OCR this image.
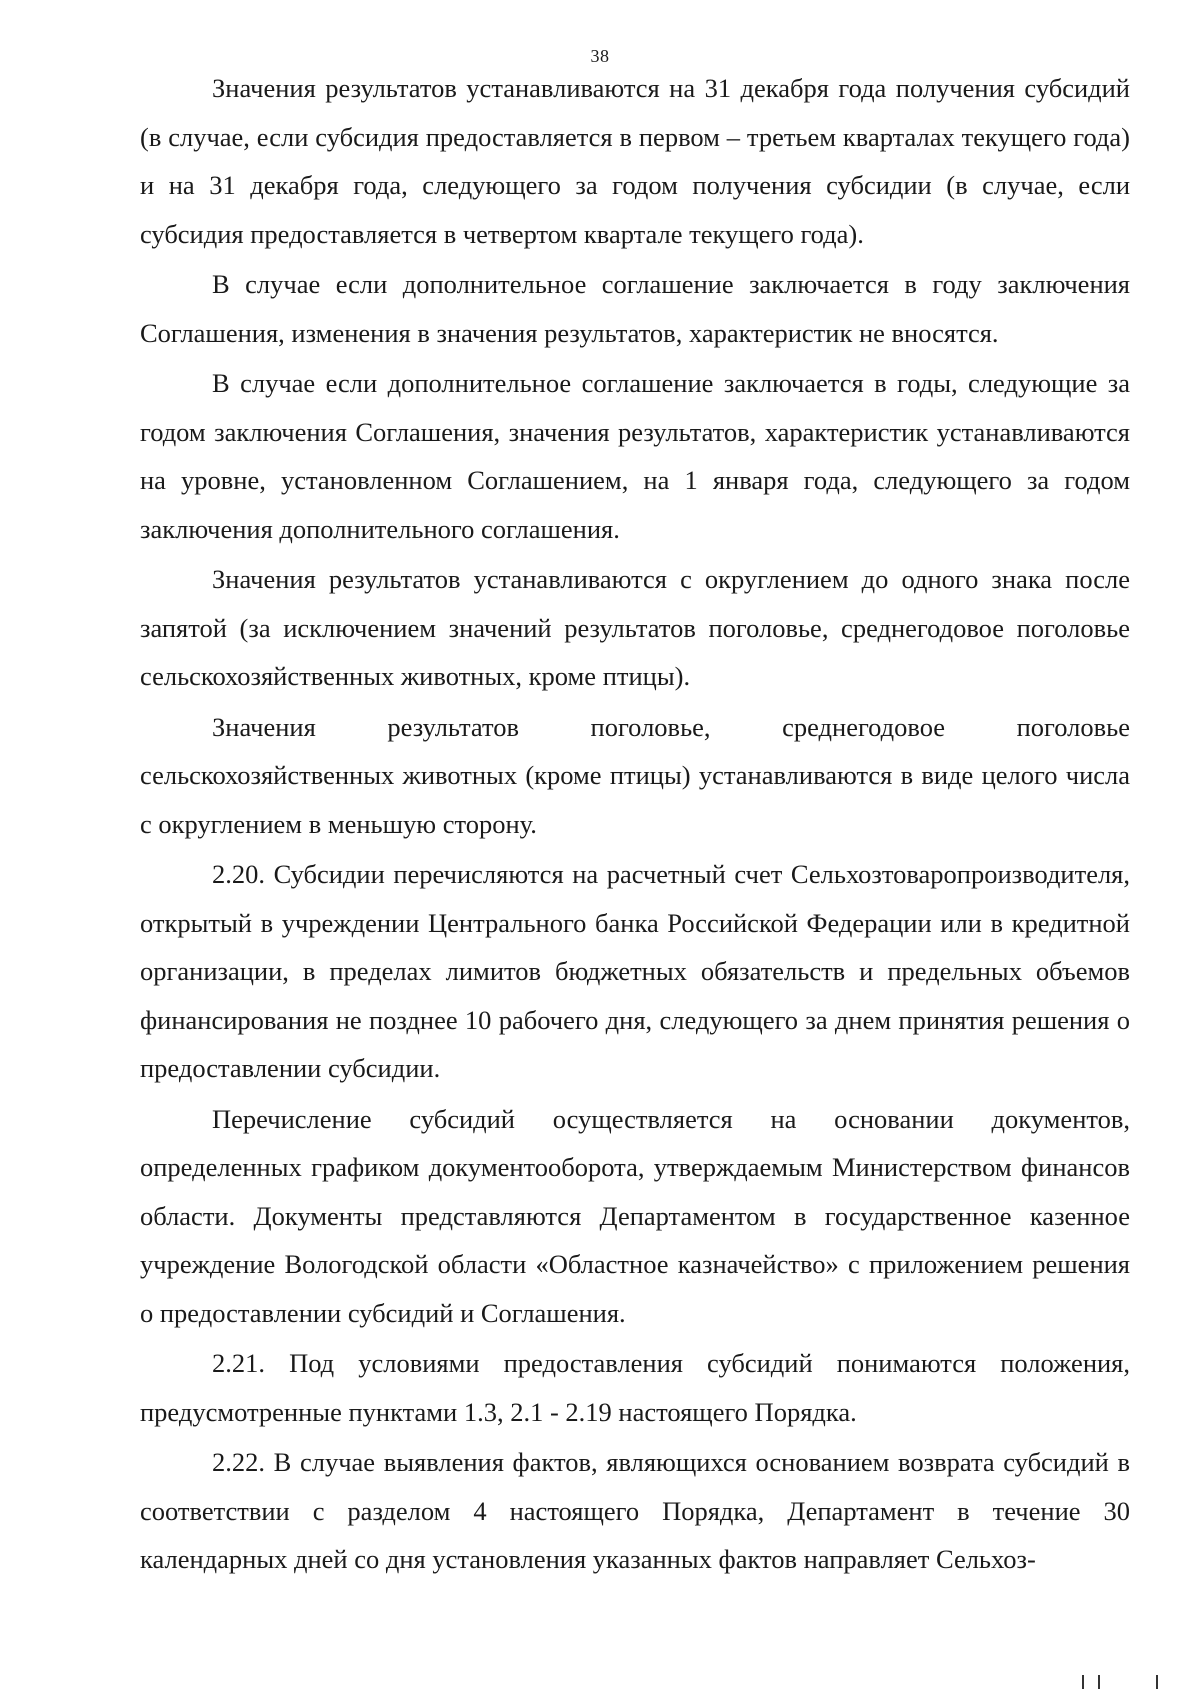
38

Значения результатов устанавливаются на 31 декабря года получения субсидий (в случае, если субсидия предоставляется в первом – третьем кварталах текущего года) и на 31 декабря года, следующего за годом получения субсидии (в случае, если субсидия предоставляется в четвертом квартале текущего года).

В случае если дополнительное соглашение заключается в году заключения Соглашения, изменения в значения результатов, характеристик не вносятся.

В случае если дополнительное соглашение заключается в годы, следующие за годом заключения Соглашения, значения результатов, характеристик устанавливаются на уровне, установленном Соглашением, на 1 января года, следующего за годом заключения дополнительного соглашения.

Значения результатов устанавливаются с округлением до одного знака после запятой (за исключением значений результатов поголовье, среднегодовое поголовье сельскохозяйственных животных, кроме птицы).

Значения результатов поголовье, среднегодовое поголовье сельскохозяйственных животных (кроме птицы) устанавливаются в виде целого числа с округлением в меньшую сторону.

2.20. Субсидии перечисляются на расчетный счет Сельхозтоваропроизводителя, открытый в учреждении Центрального банка Российской Федерации или в кредитной организации, в пределах лимитов бюджетных обязательств и предельных объемов финансирования не позднее 10 рабочего дня, следующего за днем принятия решения о предоставлении субсидии.

Перечисление субсидий осуществляется на основании документов, определенных графиком документооборота, утверждаемым Министерством финансов области. Документы представляются Департаментом в государственное казенное учреждение Вологодской области «Областное казначейство» с приложением решения о предоставлении субсидий и Соглашения.

2.21. Под условиями предоставления субсидий понимаются положения, предусмотренные пунктами 1.3, 2.1 - 2.19 настоящего Порядка.

2.22. В случае выявления фактов, являющихся основанием возврата субсидий в соответствии с разделом 4 настоящего Порядка, Департамент в течение 30 календарных дней со дня установления указанных фактов направляет Сельхоз-
